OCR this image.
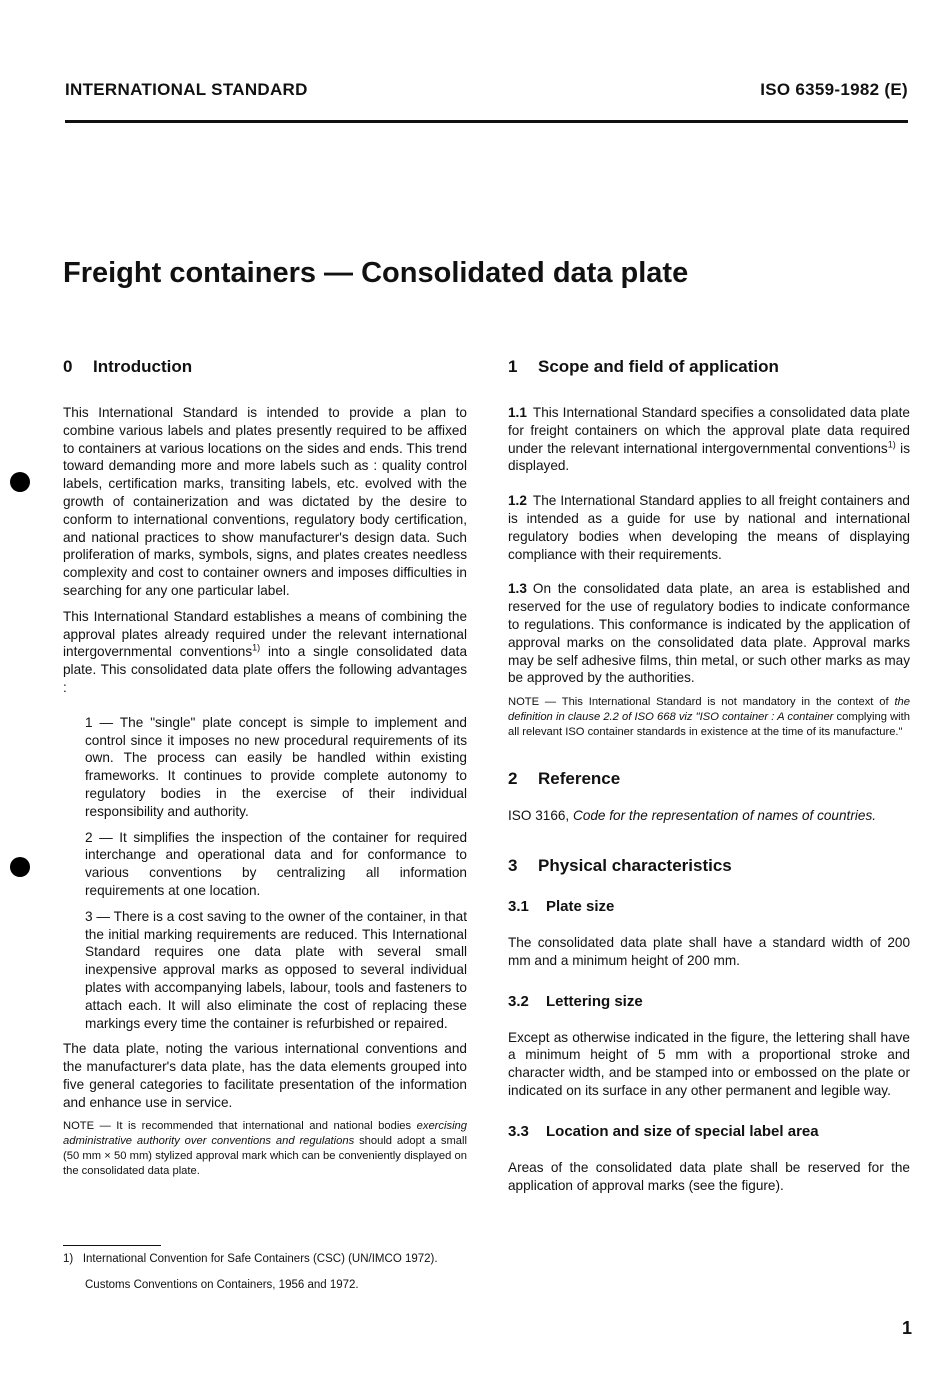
INTERNATIONAL STANDARD	ISO 6359-1982 (E)
Freight containers — Consolidated data plate
0 Introduction

This International Standard is intended to provide a plan to combine various labels and plates presently required to be affixed to containers at various locations on the sides and ends. This trend toward demanding more and more labels such as : quality control labels, certification marks, transiting labels, etc. evolved with the growth of containerization and was dictated by the desire to conform to international conventions, regulatory body certification, and national practices to show manufacturer's design data. Such proliferation of marks, symbols, signs, and plates creates needless complexity and cost to container owners and imposes difficulties in searching for any one particular label.

This International Standard establishes a means of combining the approval plates already required under the relevant international intergovernmental conventions$^{1)}$ into a single consolidated data plate. This consolidated data plate offers the following advantages :

1 — The "single" plate concept is simple to implement and control since it imposes no new procedural requirements of its own. The process can easily be handled within existing frameworks. It continues to provide complete autonomy to regulatory bodies in the exercise of their individual responsibility and authority.

2 — It simplifies the inspection of the container for required interchange and operational data and for conformance to various conventions by centralizing all information requirements at one location.

3 — There is a cost saving to the owner of the container, in that the initial marking requirements are reduced. This International Standard requires one data plate with several small inexpensive approval marks as opposed to several individual plates with accompanying labels, labour, tools and fasteners to attach each. It will also eliminate the cost of replacing these markings every time the container is refurbished or repaired.

The data plate, noting the various international conventions and the manufacturer's data plate, has the data elements grouped into five general categories to facilitate presentation of the information and enhance use in service.

NOTE — It is recommended that international and national bodies exercising administrative authority over conventions and regulations should adopt a small (50 mm × 50 mm) stylized approval mark which can be conveniently displayed on the consolidated data plate.

1 Scope and field of application

1.1 This International Standard specifies a consolidated data plate for freight containers on which the approval plate data required under the relevant international intergovernmental conventions$^{1)}$ is displayed.

1.2 The International Standard applies to all freight containers and is intended as a guide for use by national and international regulatory bodies when developing the means of displaying compliance with their requirements.

1.3 On the consolidated data plate, an area is established and reserved for the use of regulatory bodies to indicate conformance to regulations. This conformance is indicated by the application of approval marks on the consolidated data plate. Approval marks may be self adhesive films, thin metal, or such other marks as may be approved by the authorities.

NOTE — This International Standard is not mandatory in the context of the definition in clause 2.2 of ISO 668 viz "ISO container : A container complying with all relevant ISO container standards in existence at the time of its manufacture."

2 Reference

ISO 3166, Code for the representation of names of countries.

3 Physical characteristics
3.1 Plate size

The consolidated data plate shall have a standard width of 200 mm and a minimum height of 200 mm.

3.2 Lettering size

Except as otherwise indicated in the figure, the lettering shall have a minimum height of 5 mm with a proportional stroke and character width, and be stamped into or embossed on the plate or indicated on its surface in any other permanent and legible way.

3.3 Location and size of special label area

Areas of the consolidated data plate shall be reserved for the application of approval marks (see the figure).

1) International Convention for Safe Containers (CSC) (UN/IMCO 1972).
Customs Conventions on Containers, 1956 and 1972.
1
